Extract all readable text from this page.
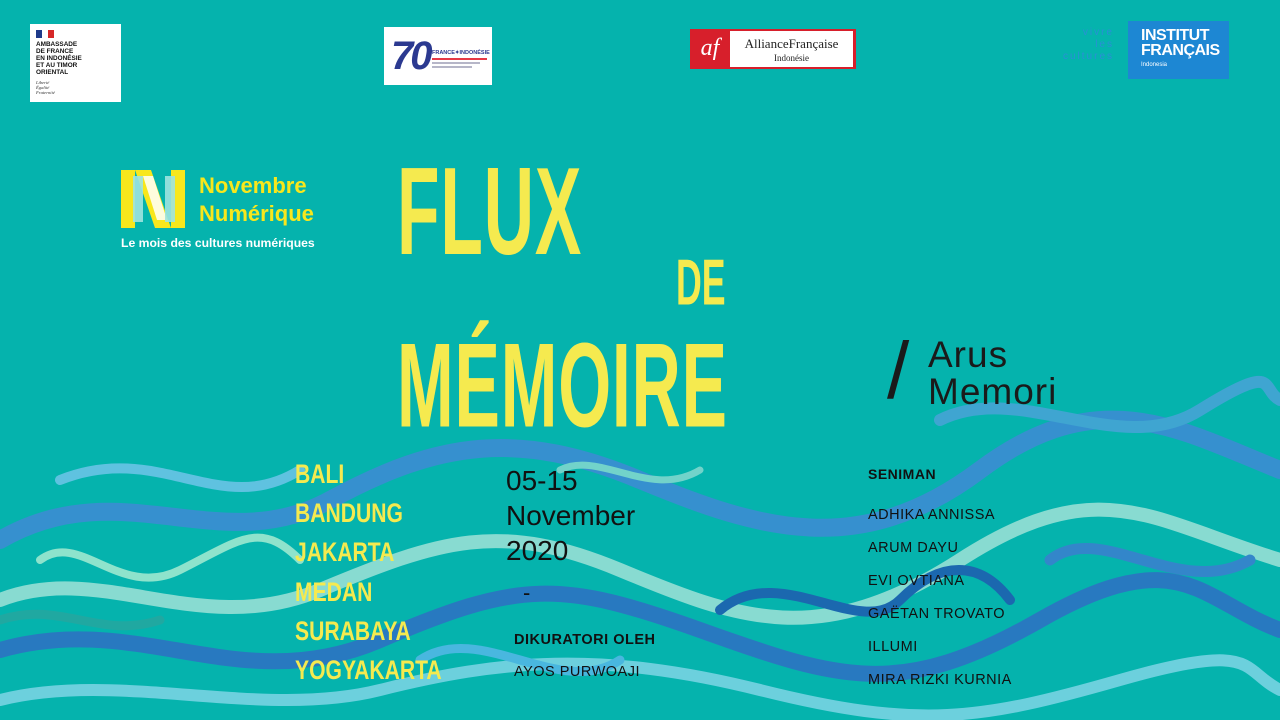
AMBASSADE
DE FRANCE
EN INDONÉSIE
ET AU TIMOR
ORIENTAL
Liberté
Égalité
Fraternité
70 FRANCE✦INDONÉSIE	af	AllianceFrançaise
Indonésie
vivre
les
cultures
INSTITUT
FRANÇAIS
Indonesia
Novembre
Numérique
Le mois des cultures numériques FLUX
DE
MÉMOIRE / Arus
Memori
BALI
BANDUNG
JAKARTA
MEDAN
SURABAYA
YOGYAKARTA
05-15
November
2020
-
DIKURATORI OLEH
AYOS PURWOAJI
SENIMAN
ADHIKA ANNISSA
ARUM DAYU
EVI OVTIANA
GAËTAN TROVATO
ILLUMI
MIRA RIZKI KURNIA
